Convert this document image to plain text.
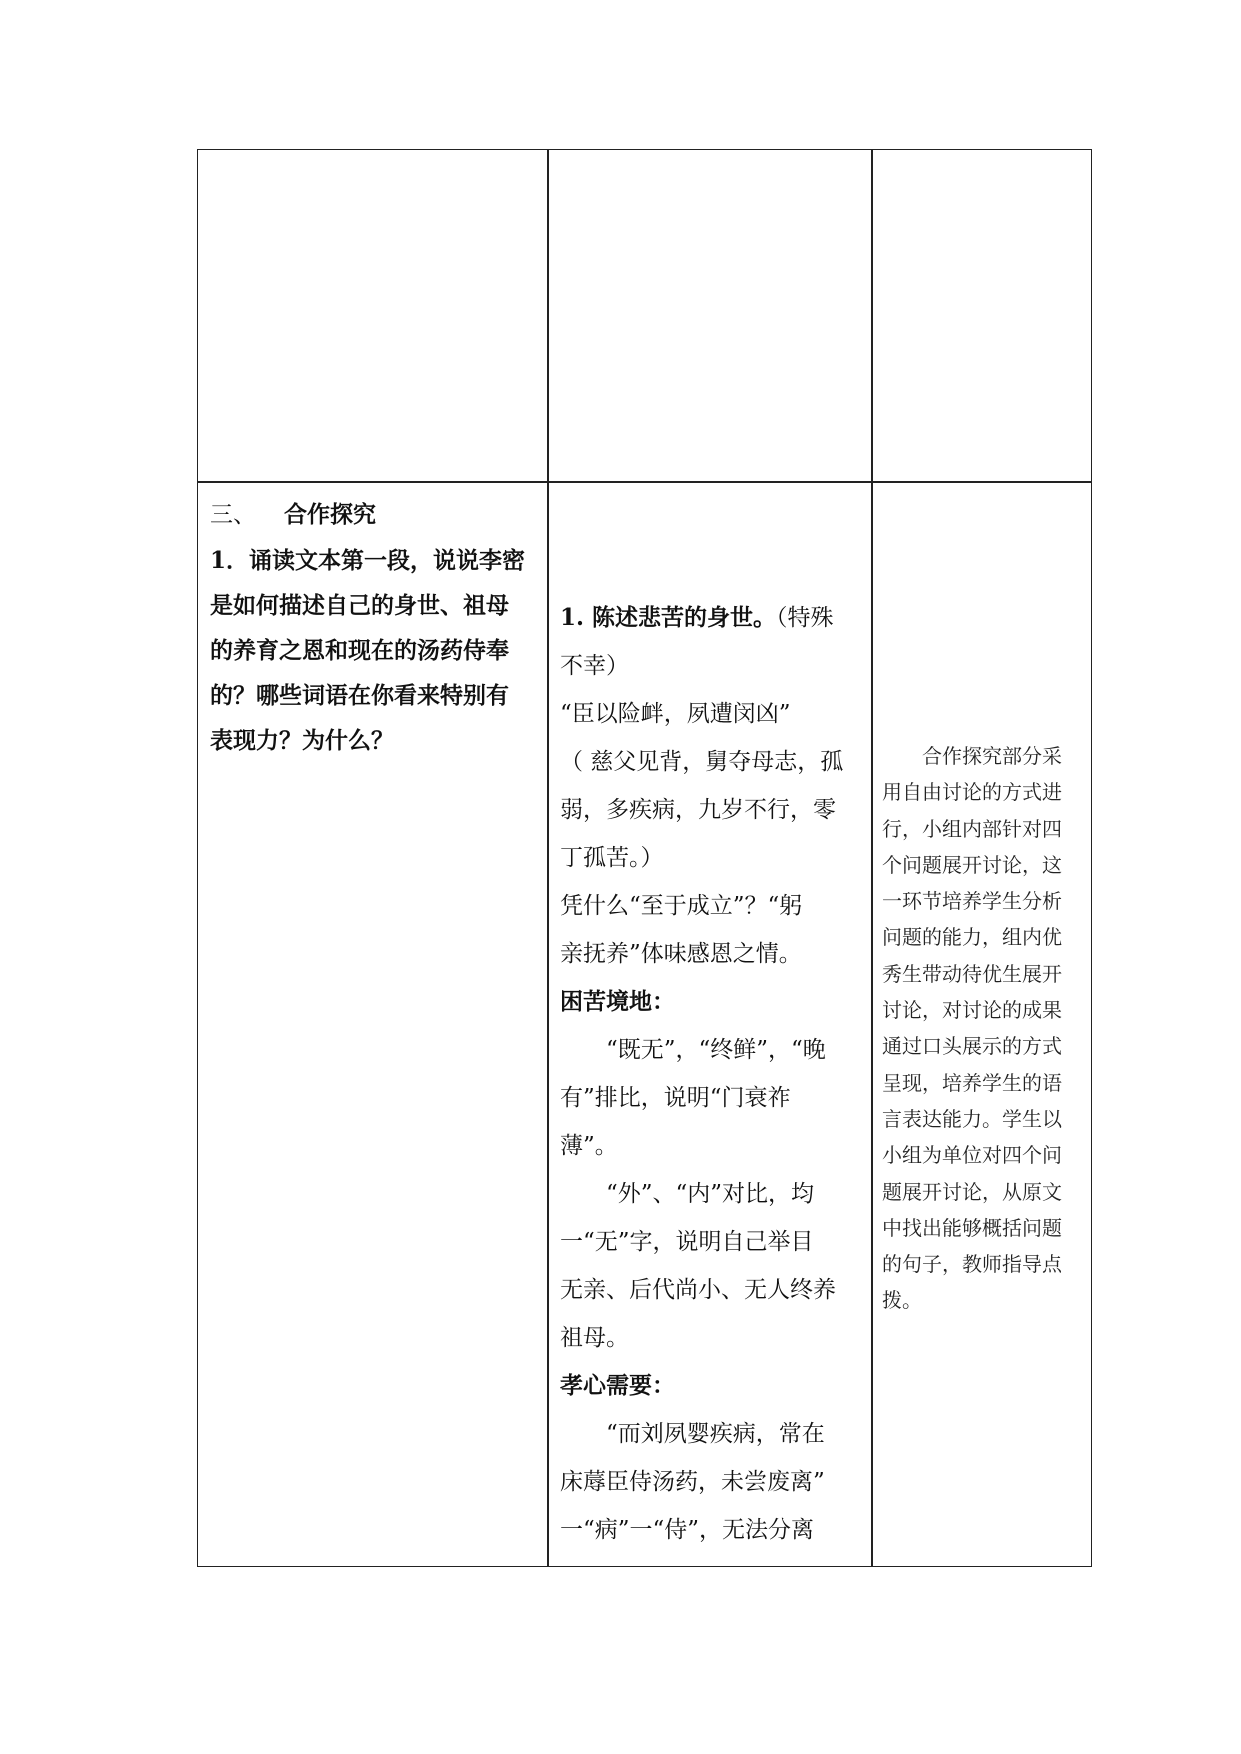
三、 合作探究
1．诵读文本第一段，说说李密
是如何描述自己的身世、祖母
的养育之恩和现在的汤药侍奉
的？哪些词语在你看来特别有
表现力？为什么？
1. 陈述悲苦的身世。（特殊
不幸）
“臣以险衅，夙遭闵凶”
（ 慈父见背，舅夺母志，孤
弱，多疾病，九岁不行，零
丁孤苦。）
凭什么“至于成立”？“躬
亲抚养”体味感恩之情。
困苦境地：
　　“既无”，“终鲜”，“晚
有”排比，说明“门衰祚
薄”。
　　“外”、“内”对比，均
一“无”字，说明自己举目
无亲、后代尚小、无人终养
祖母。
孝心需要：
　　“而刘夙婴疾病，常在
床蓐臣侍汤药，未尝废离”
一“病”一“侍”，无法分离
　　合作探究部分采
用自由讨论的方式进
行，小组内部针对四
个问题展开讨论，这
一环节培养学生分析
问题的能力，组内优
秀生带动待优生展开
讨论，对讨论的成果
通过口头展示的方式
呈现，培养学生的语
言表达能力。学生以
小组为单位对四个问
题展开讨论，从原文
中找出能够概括问题
的句子，教师指导点
拨。
